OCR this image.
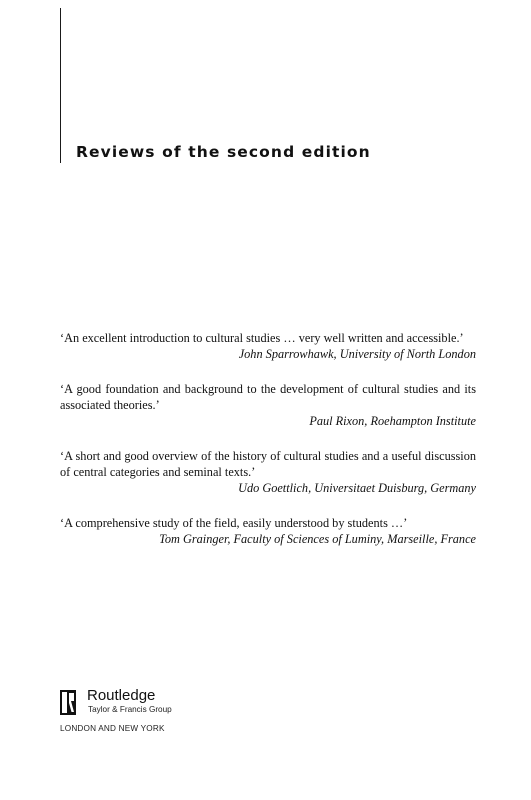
Reviews of the second edition

‘An excellent introduction to cultural studies … very well written and accessible.’

John Sparrowhawk, University of North London

‘A good foundation and background to the development of cultural studies and its associated theories.’

Paul Rixon, Roehampton Institute

‘A short and good overview of the history of cultural studies and a useful discussion of central categories and seminal texts.’

Udo Goettlich, Universitaet Duisburg, Germany

‘A comprehensive study of the field, easily understood by students …’

Tom Grainger, Faculty of Sciences of Luminy, Marseille, France

Routledge
Taylor & Francis Group
LONDON AND NEW YORK
